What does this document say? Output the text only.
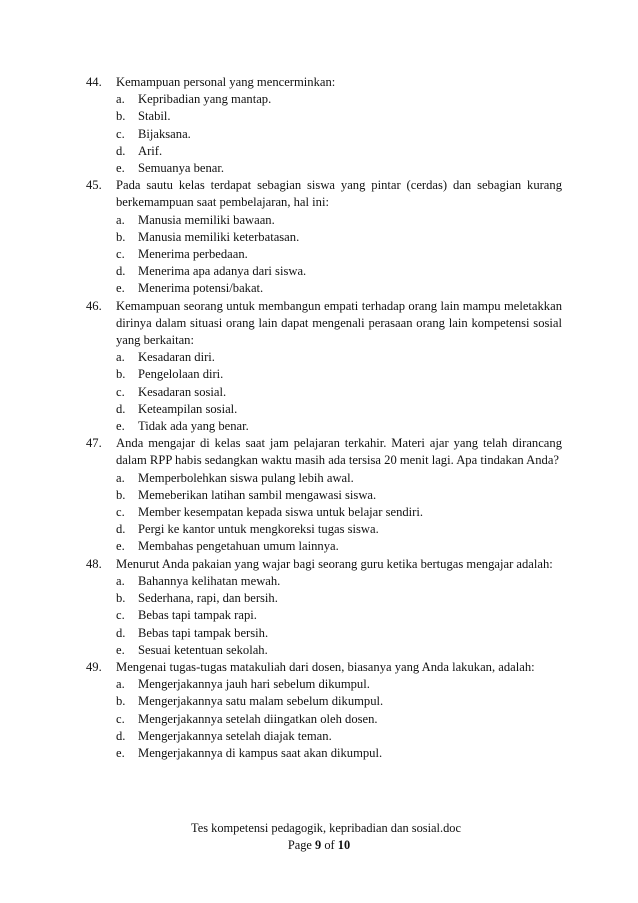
44.	Kemampuan personal yang mencerminkan:
a.	Kepribadian yang mantap.
b. Stabil.
c.	Bijaksana.
d. Arif.
e.	Semuanya benar.
45.	Pada sautu kelas terdapat sebagian siswa yang pintar (cerdas) dan sebagian kurang berkemampuan saat pembelajaran, hal ini:
a.	Manusia memiliki bawaan.
b. Manusia memiliki keterbatasan.
c.	Menerima perbedaan.
d. Menerima apa adanya dari siswa.
e.	Menerima potensi/bakat.
46.	Kemampuan seorang untuk membangun empati terhadap orang lain mampu meletakkan dirinya dalam situasi orang lain dapat mengenali perasaan orang lain kompetensi sosial yang berkaitan:
a.	Kesadaran diri.
b. Pengelolaan diri.
c.	Kesadaran sosial.
d. Keteampilan sosial.
e.	Tidak ada yang benar.
47.	Anda mengajar di kelas saat jam pelajaran terkahir. Materi ajar yang telah dirancang dalam RPP habis sedangkan waktu masih ada tersisa 20 menit lagi. Apa tindakan Anda?
a.	Memperbolehkan siswa pulang lebih awal.
b. Memeberikan latihan sambil mengawasi siswa.
c.	Member kesempatan kepada siswa untuk belajar sendiri.
d. Pergi ke kantor untuk mengkoreksi tugas siswa.
e.	Membahas pengetahuan umum lainnya.
48.	Menurut Anda pakaian yang wajar bagi seorang guru ketika bertugas mengajar adalah:
a.	Bahannya kelihatan mewah.
b. Sederhana, rapi, dan bersih.
c.	Bebas tapi tampak rapi.
d. Bebas tapi tampak bersih.
e.	Sesuai ketentuan sekolah.
49.	Mengenai tugas-tugas matakuliah dari dosen, biasanya yang Anda lakukan, adalah:
a.	Mengerjakannya jauh hari sebelum dikumpul.
b. Mengerjakannya satu malam sebelum dikumpul.
c.	Mengerjakannya setelah diingatkan oleh dosen.
d. Mengerjakannya setelah diajak teman.
e.	Mengerjakannya di kampus saat akan dikumpul.
Tes kompetensi pedagogik, kepribadian dan sosial.doc
Page 9 of 10
